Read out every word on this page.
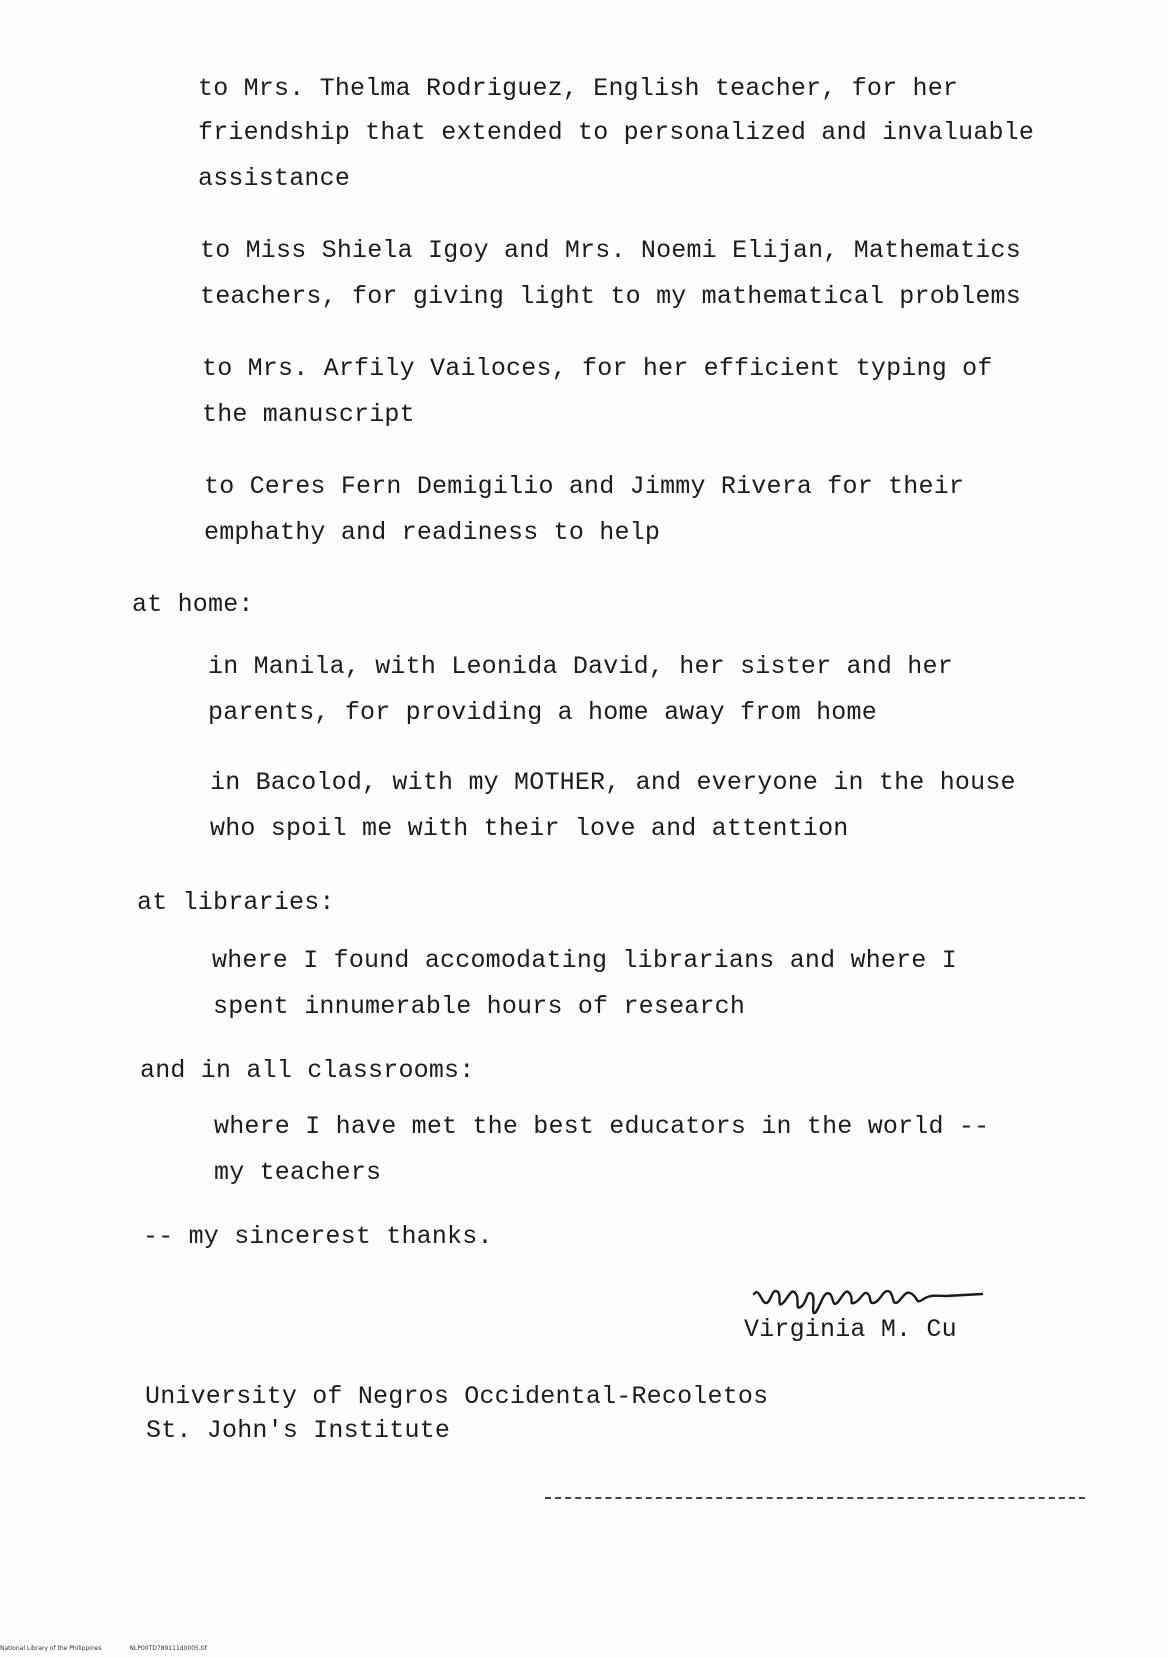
to Mrs. Thelma Rodriguez, English teacher, for her
friendship that extended to personalized and invaluable
assistance
to Miss Shiela Igoy and Mrs. Noemi Elijan, Mathematics
teachers, for giving light to my mathematical problems
to Mrs. Arfily Vailoces, for her efficient typing of
the manuscript
to Ceres Fern Demigilio and Jimmy Rivera for their
emphathy and readiness to help
at home:
in Manila, with Leonida David, her sister and her
parents, for providing a home away from home
in Bacolod, with my MOTHER, and everyone in the house
who spoil me with their love and attention
at libraries:
where I found accomodating librarians and where I
spent innumerable hours of research
and in all classrooms:
where I have met the best educators in the world --
my teachers
-- my sincerest thanks.
Virginia M. Cu
University of Negros Occidental-Recoletos
St. John's Institute
National Library of the Philippines	NLP00TD789111d0005.tif
